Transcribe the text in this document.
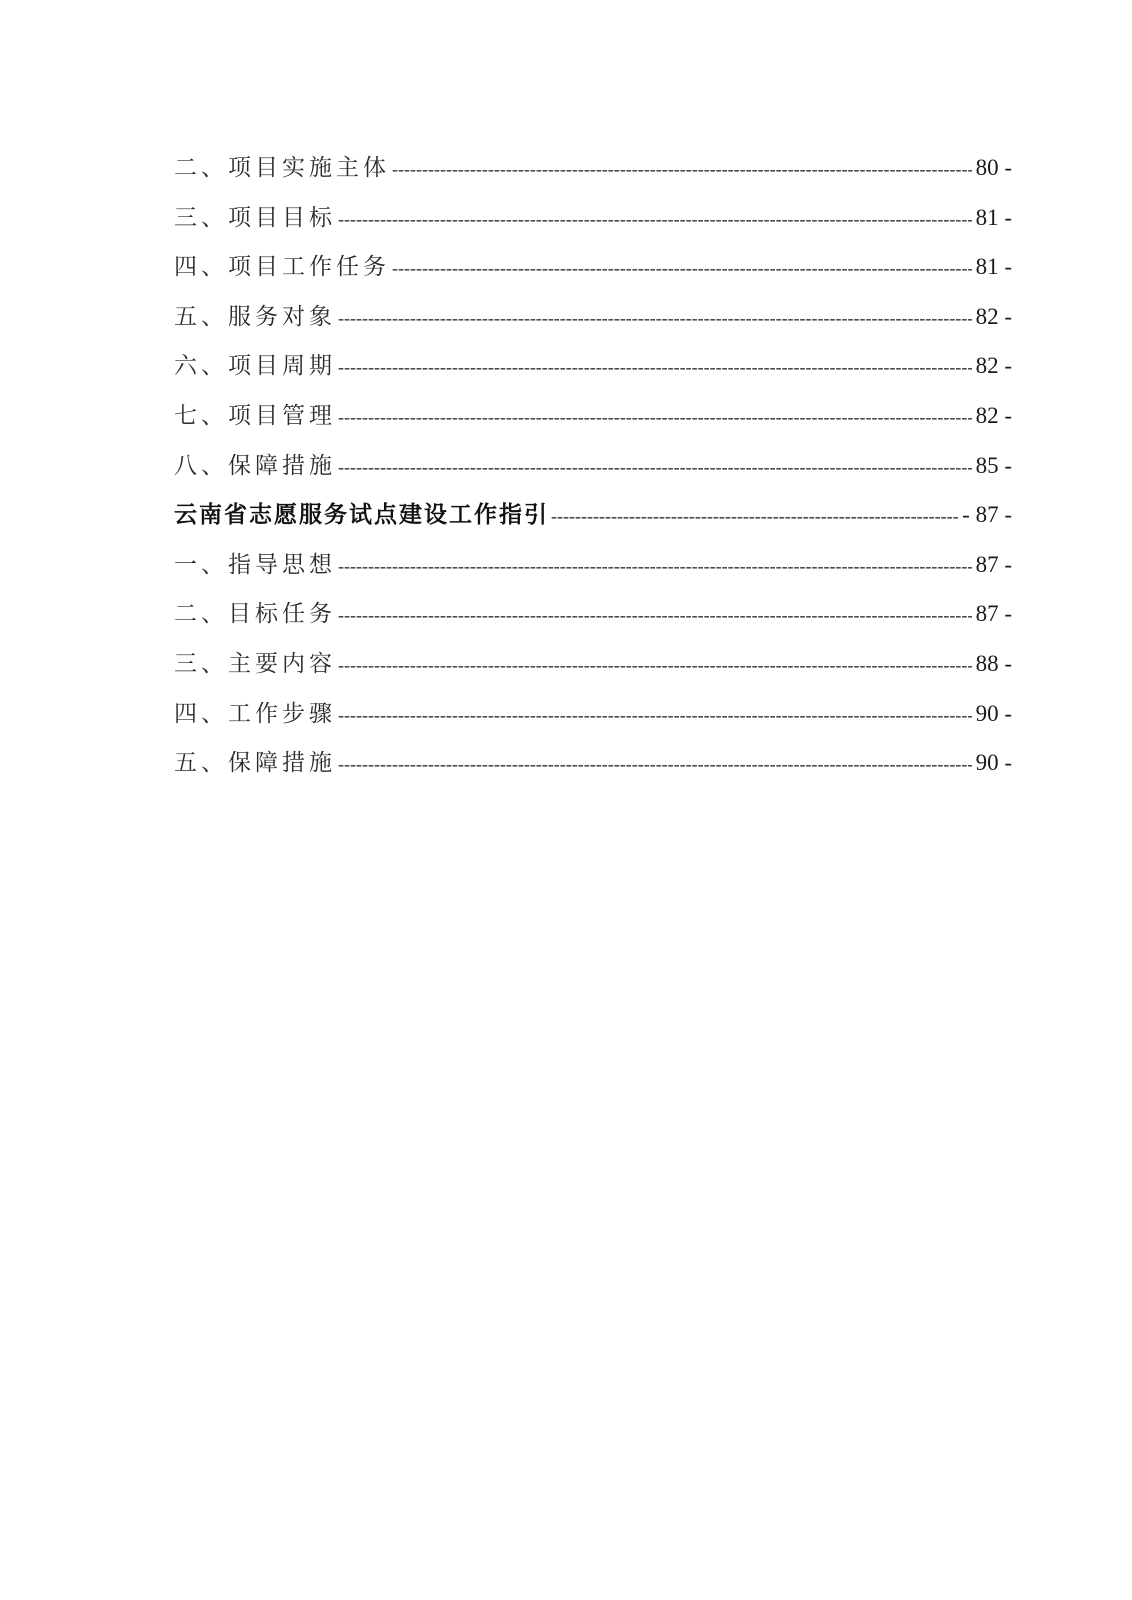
二、项目实施主体 -----	80 -
三、项目目标 -----	81 -
四、项目工作任务 -----	81 -
五、服务对象 -----	82 -
六、项目周期 -----	82 -
七、项目管理 -----	82 -
八、保障措施 -----	85 -
云南省志愿服务试点建设工作指引 -----	- 87 -
一、指导思想 -----	87 -
二、目标任务 -----	87 -
三、主要内容 -----	88 -
四、工作步骤 -----	90 -
五、保障措施 -----	90 -
